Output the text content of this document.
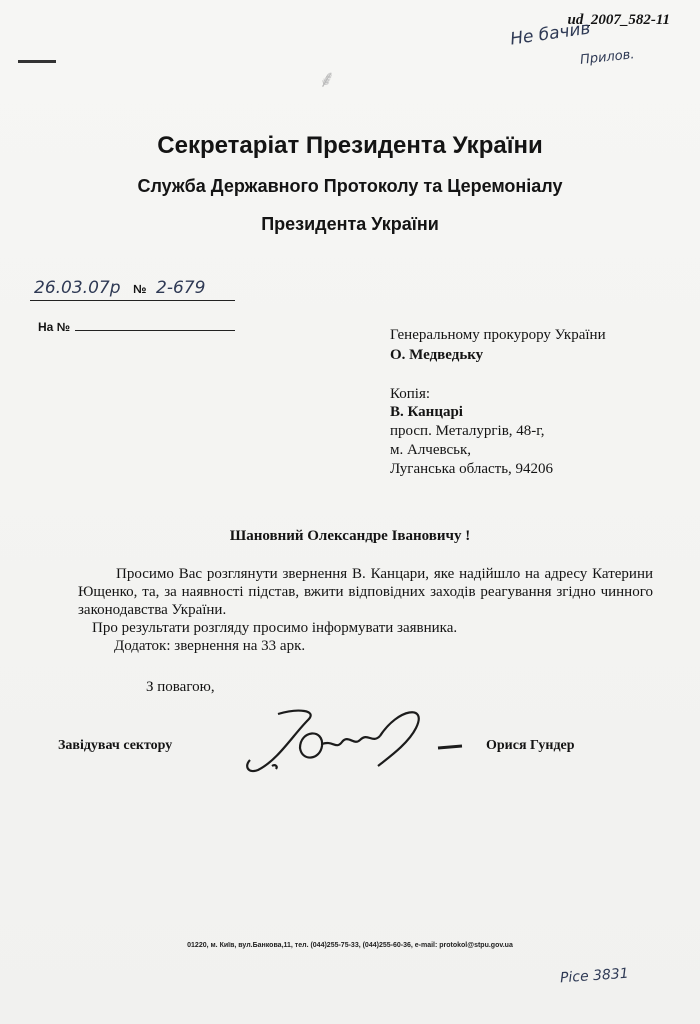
⸙
ud_2007_582-11
Не бачив
Прилов.
Секретаріат Президента України
Служба Державного Протоколу та Церемоніалу
Президента України
26.03.07р № 2-679
На №	Генеральному прокурору України
О. Медведьку
Копія:
В. Канцарі
просп. Металургів, 48-г,
м. Алчевськ,
Луганська область, 94206
Шановний Олександре Івановичу !

Просимо Вас розглянути звернення В. Канцари, яке надійшло на адресу Катерини Ющенко, та, за наявності підстав, вжити відповідних заходів реагування згідно чинного законодавства України.

Про результати розгляду просимо інформувати заявника.

Додаток: звернення на 33 арк.

З повагою,
Завідувач сектору	Орися Гундер
01220, м. Київ, вул.Банкова,11, тел. (044)255-75-33, (044)255-60-36, e-mail: protokol@stpu.gov.ua
Pice 3831
